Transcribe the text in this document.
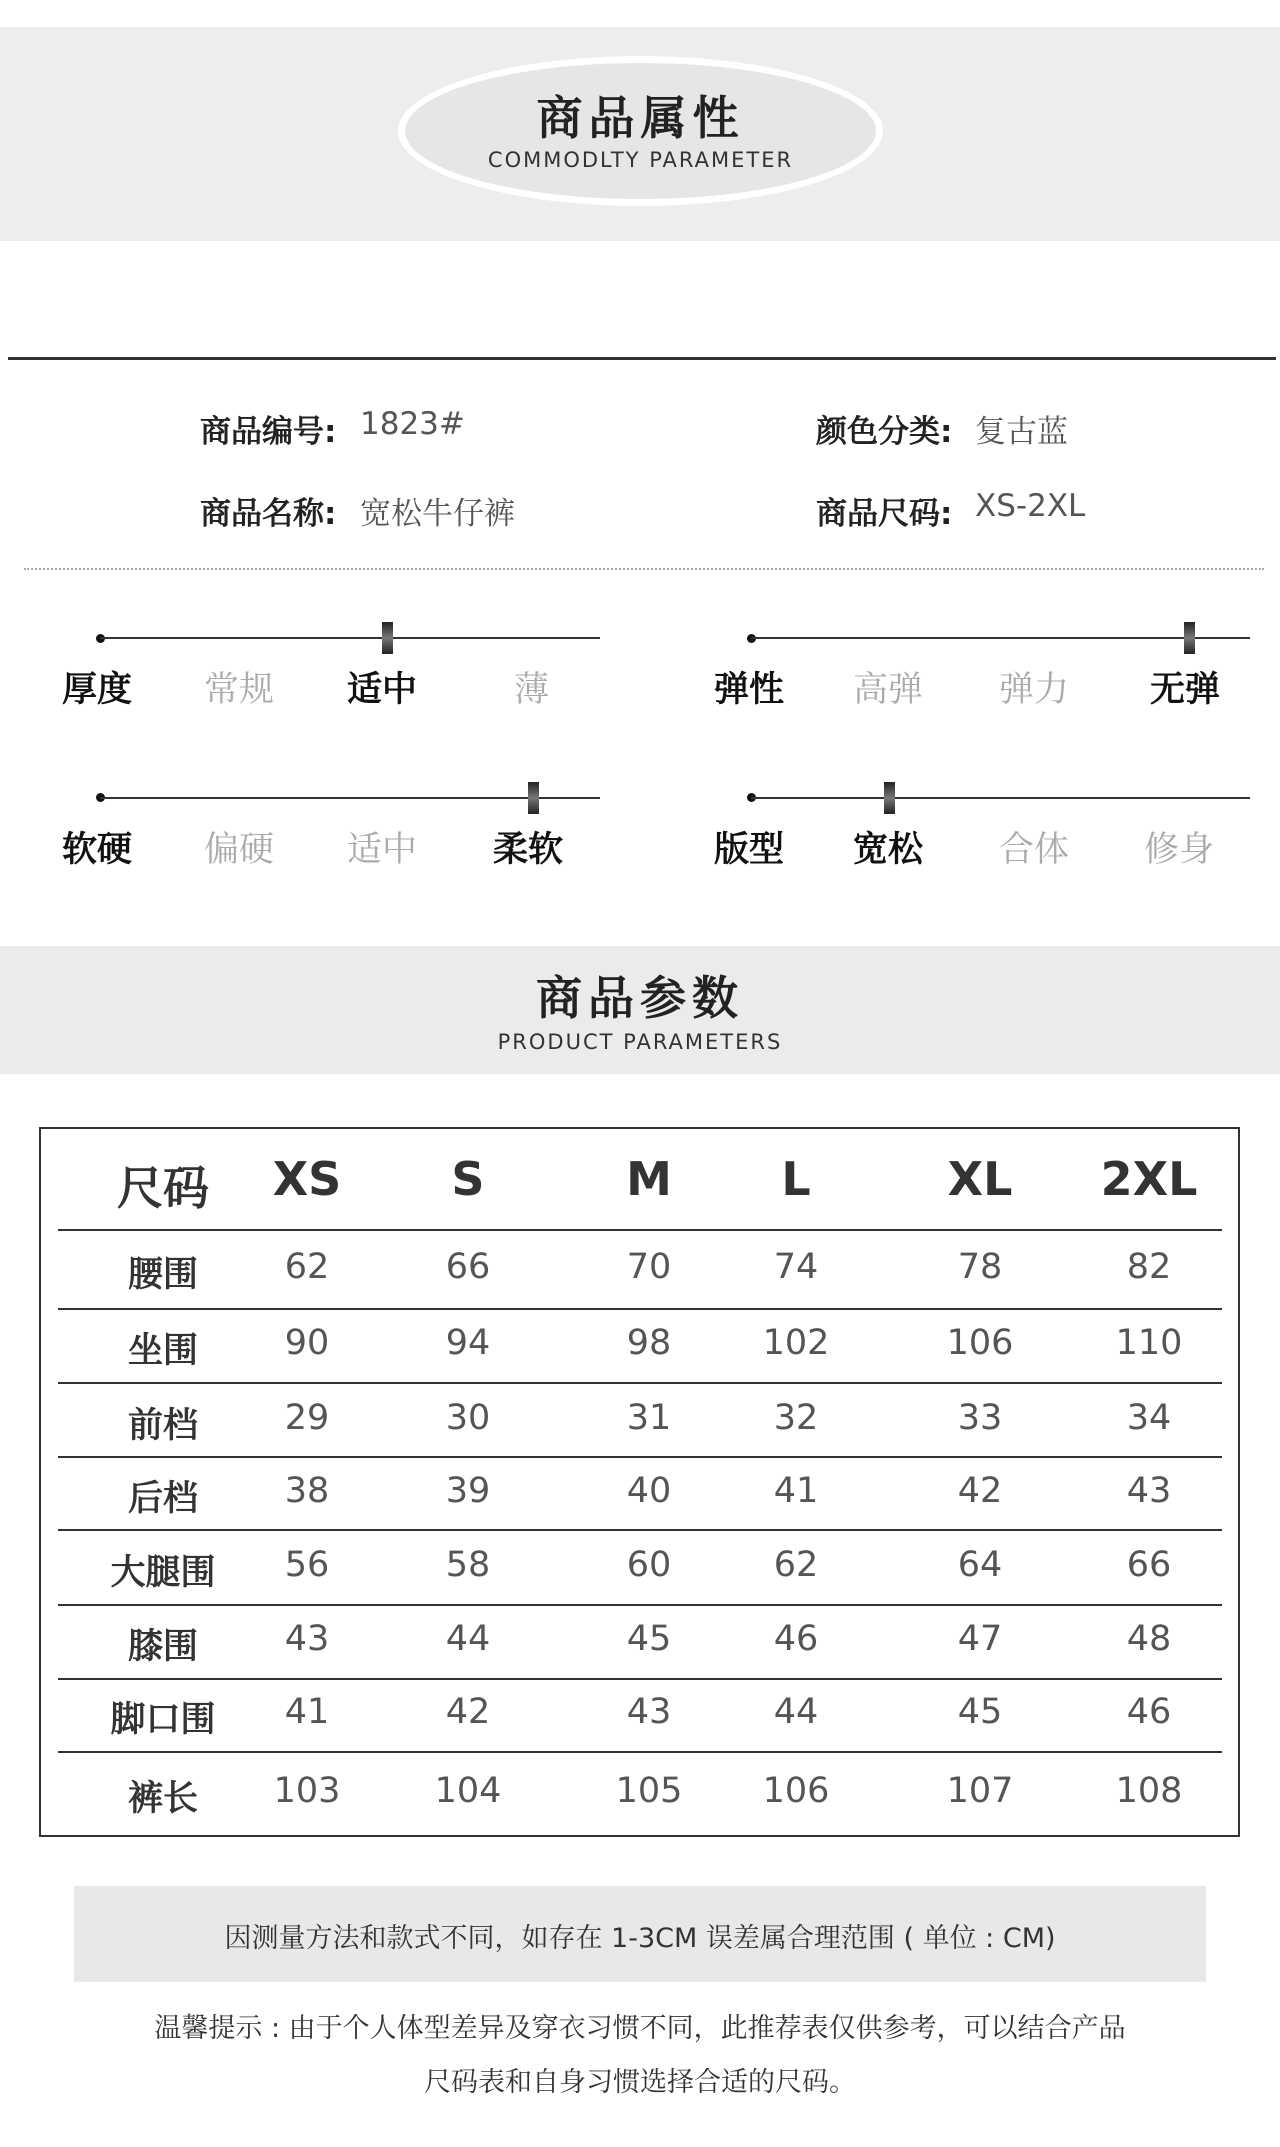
商品属性
COMMODLTY PARAMETER
商品编号: 1823#	颜色分类: 复古蓝
商品名称: 宽松牛仔裤	商品尺码: XS-2XL
厚度 常规 适中	薄	弹性 高弹 弹力 无弹
软硬 偏硬 适中 柔软	版型 宽松 合体 修身
商品参数
PRODUCT PARAMETERS
尺码	XS	S	M	L	XL	2XL
腰围	62	66	70	74	78	82
坐围	90	94	98	102	106	110
前档	29	30	31	32	33	34
后档	38	39	40	41	42	43
大腿围	56	58	60	62	64	66
膝围	43	44	45	46	47	48
脚口围	41	42	43	44	45	46
裤长	103	104	105	106	107	108
因测量方法和款式不同，如存在 1-3CM 误差属合理范围 ( 单位 : CM)
温馨提示 : 由于个人体型差异及穿衣习惯不同，此推荐表仅供参考，可以结合产品
尺码表和自身习惯选择合适的尺码。
